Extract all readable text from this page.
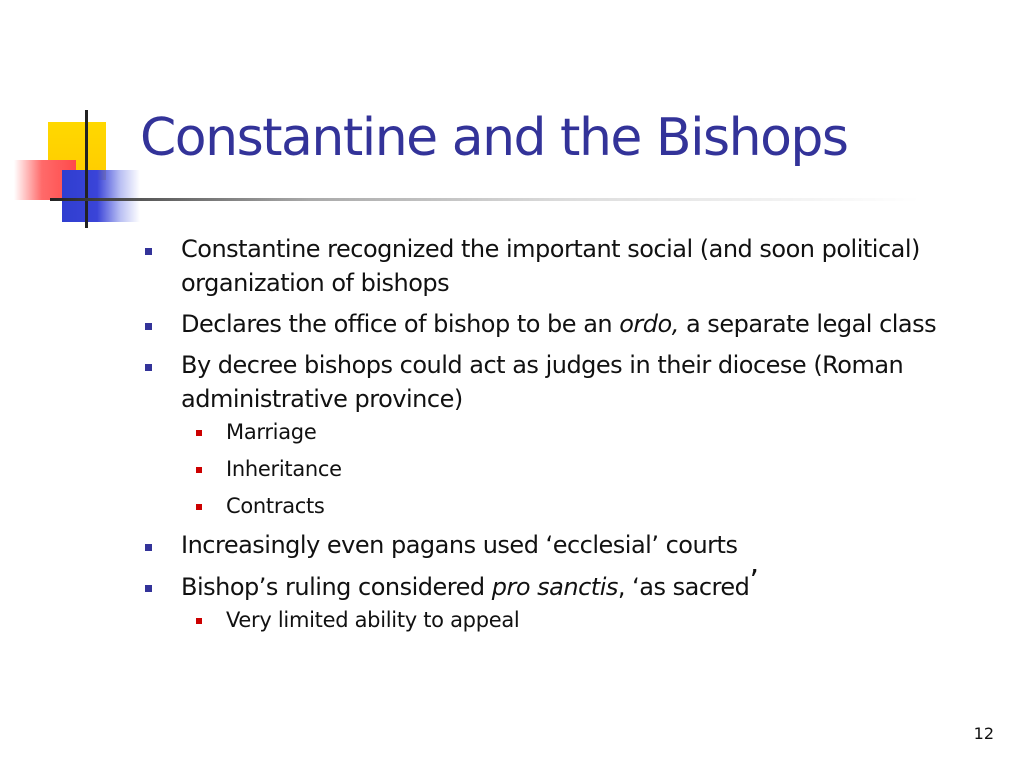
Constantine and the Bishops
Constantine recognized the important social (and soon political) organization of bishops
Declares the office of bishop to be an ordo, a separate legal class
By decree bishops could act as judges in their diocese (Roman administrative province)
Marriage
Inheritance
Contracts
Increasingly even pagans used ‘ecclesial’ courts
Bishop’s ruling considered pro sanctis, ‘as sacred’
Very limited ability to appeal
12
